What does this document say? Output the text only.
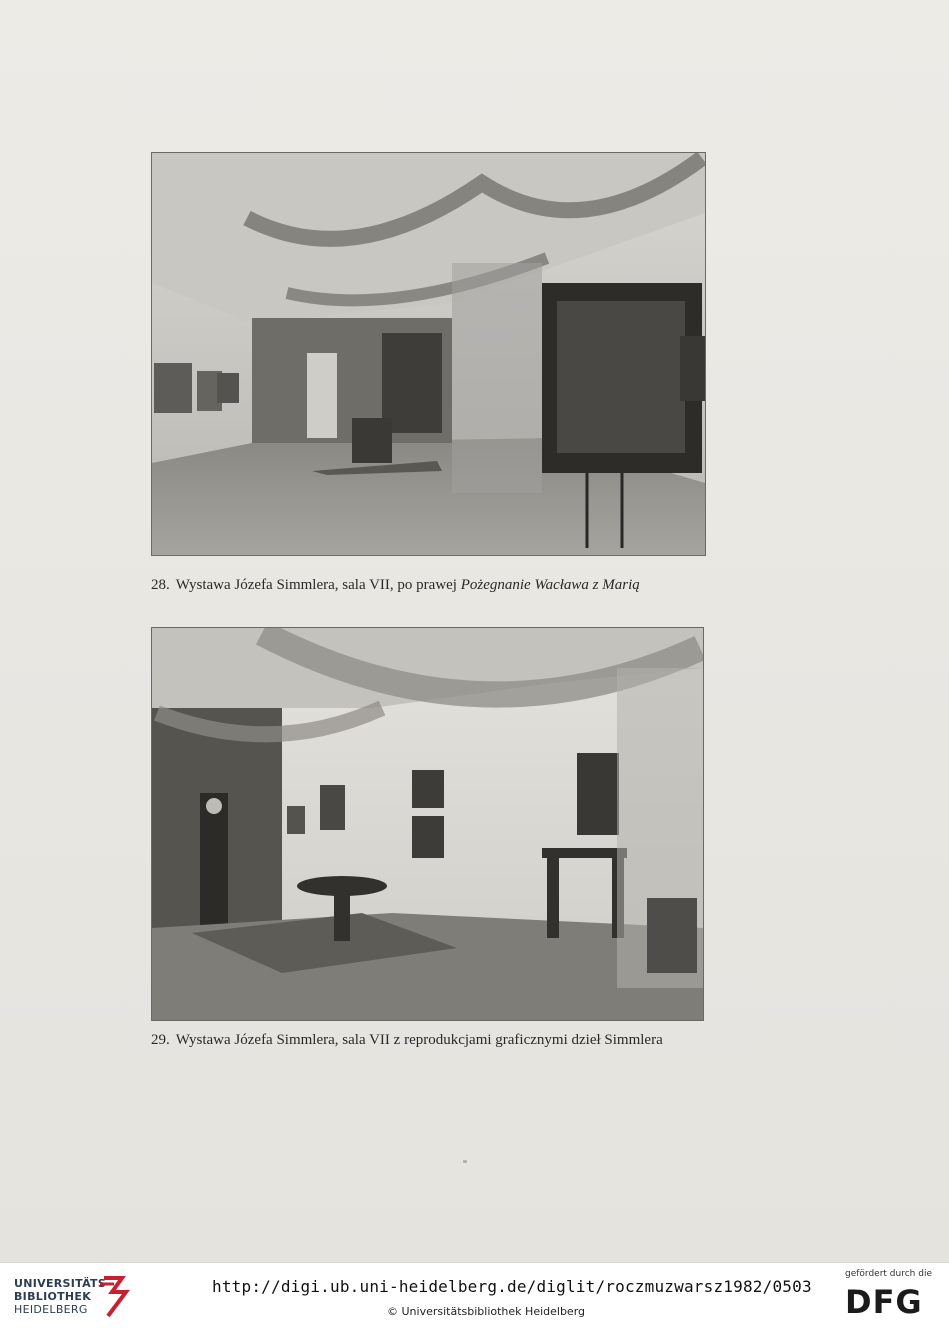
28. Wystawa Józefa Simmlera, sala VII, po prawej Pożegnanie Wacława z Marią
29. Wystawa Józefa Simmlera, sala VII z reprodukcjami graficznymi dzieł Simmlera
UNIVERSITÄTS-
BIBLIOTHEK
HEIDELBERG
http://digi.ub.uni-heidelberg.de/diglit/roczmuzwarsz1982/0503
© Universitätsbibliothek Heidelberg
gefördert durch die
DFG
